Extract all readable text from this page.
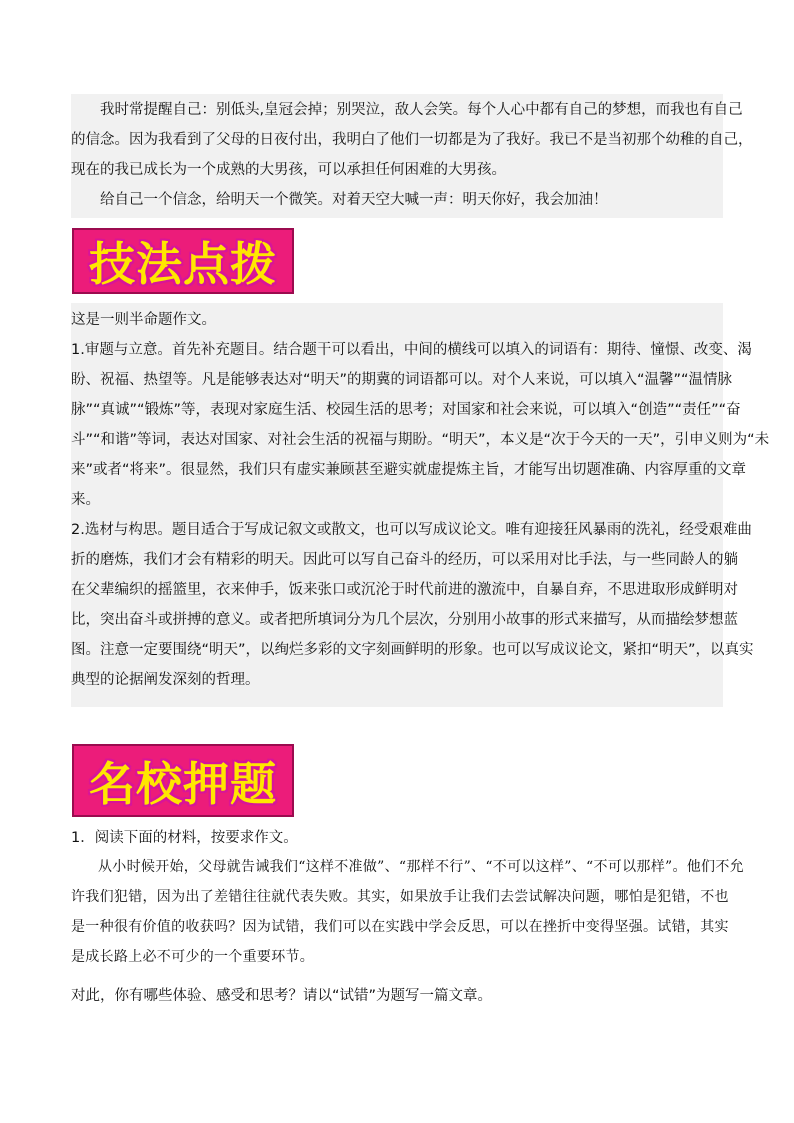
我时常提醒自己：别低头,皇冠会掉；别哭泣，敌人会笑。每个人心中都有自己的梦想，而我也有自己
的信念。因为我看到了父母的日夜付出，我明白了他们一切都是为了我好。我已不是当初那个幼稚的自己，
现在的我已成长为一个成熟的大男孩，可以承担任何困难的大男孩。
给自己一个信念，给明天一个微笑。对着天空大喊一声：明天你好，我会加油！
技法点拨
这是一则半命题作文。
1.审题与立意。首先补充题目。结合题干可以看出，中间的横线可以填入的词语有：期待、憧憬、改变、渴
盼、祝福、热望等。凡是能够表达对“明天”的期冀的词语都可以。对个人来说，可以填入“温馨”“温情脉
脉”“真诚”“锻炼”等，表现对家庭生活、校园生活的思考；对国家和社会来说，可以填入“创造”“责任”“奋
斗”“和谐”等词，表达对国家、对社会生活的祝福与期盼。“明天”，本义是“次于今天的一天”，引申义则为“未
来”或者“将来”。很显然，我们只有虚实兼顾甚至避实就虚提炼主旨，才能写出切题准确、内容厚重的文章
来。
2.选材与构思。题目适合于写成记叙文或散文，也可以写成议论文。唯有迎接狂风暴雨的洗礼，经受艰难曲
折的磨炼，我们才会有精彩的明天。因此可以写自己奋斗的经历，可以采用对比手法，与一些同龄人的躺
在父辈编织的摇篮里，衣来伸手，饭来张口或沉沦于时代前进的激流中，自暴自弃，不思进取形成鲜明对
比，突出奋斗或拼搏的意义。或者把所填词分为几个层次，分别用小故事的形式来描写，从而描绘梦想蓝
图。注意一定要围绕“明天”，以绚烂多彩的文字刻画鲜明的形象。也可以写成议论文，紧扣“明天”，以真实
典型的论据阐发深刻的哲理。
名校押题
1．阅读下面的材料，按要求作文。
从小时候开始，父母就告诫我们“这样不准做”、“那样不行”、“不可以这样”、“不可以那样”。他们不允
许我们犯错，因为出了差错往往就代表失败。其实，如果放手让我们去尝试解决问题，哪怕是犯错，不也
是一种很有价值的收获吗？因为试错，我们可以在实践中学会反思，可以在挫折中变得坚强。试错，其实
是成长路上必不可少的一个重要环节。
对此，你有哪些体验、感受和思考？请以“试错”为题写一篇文章。
